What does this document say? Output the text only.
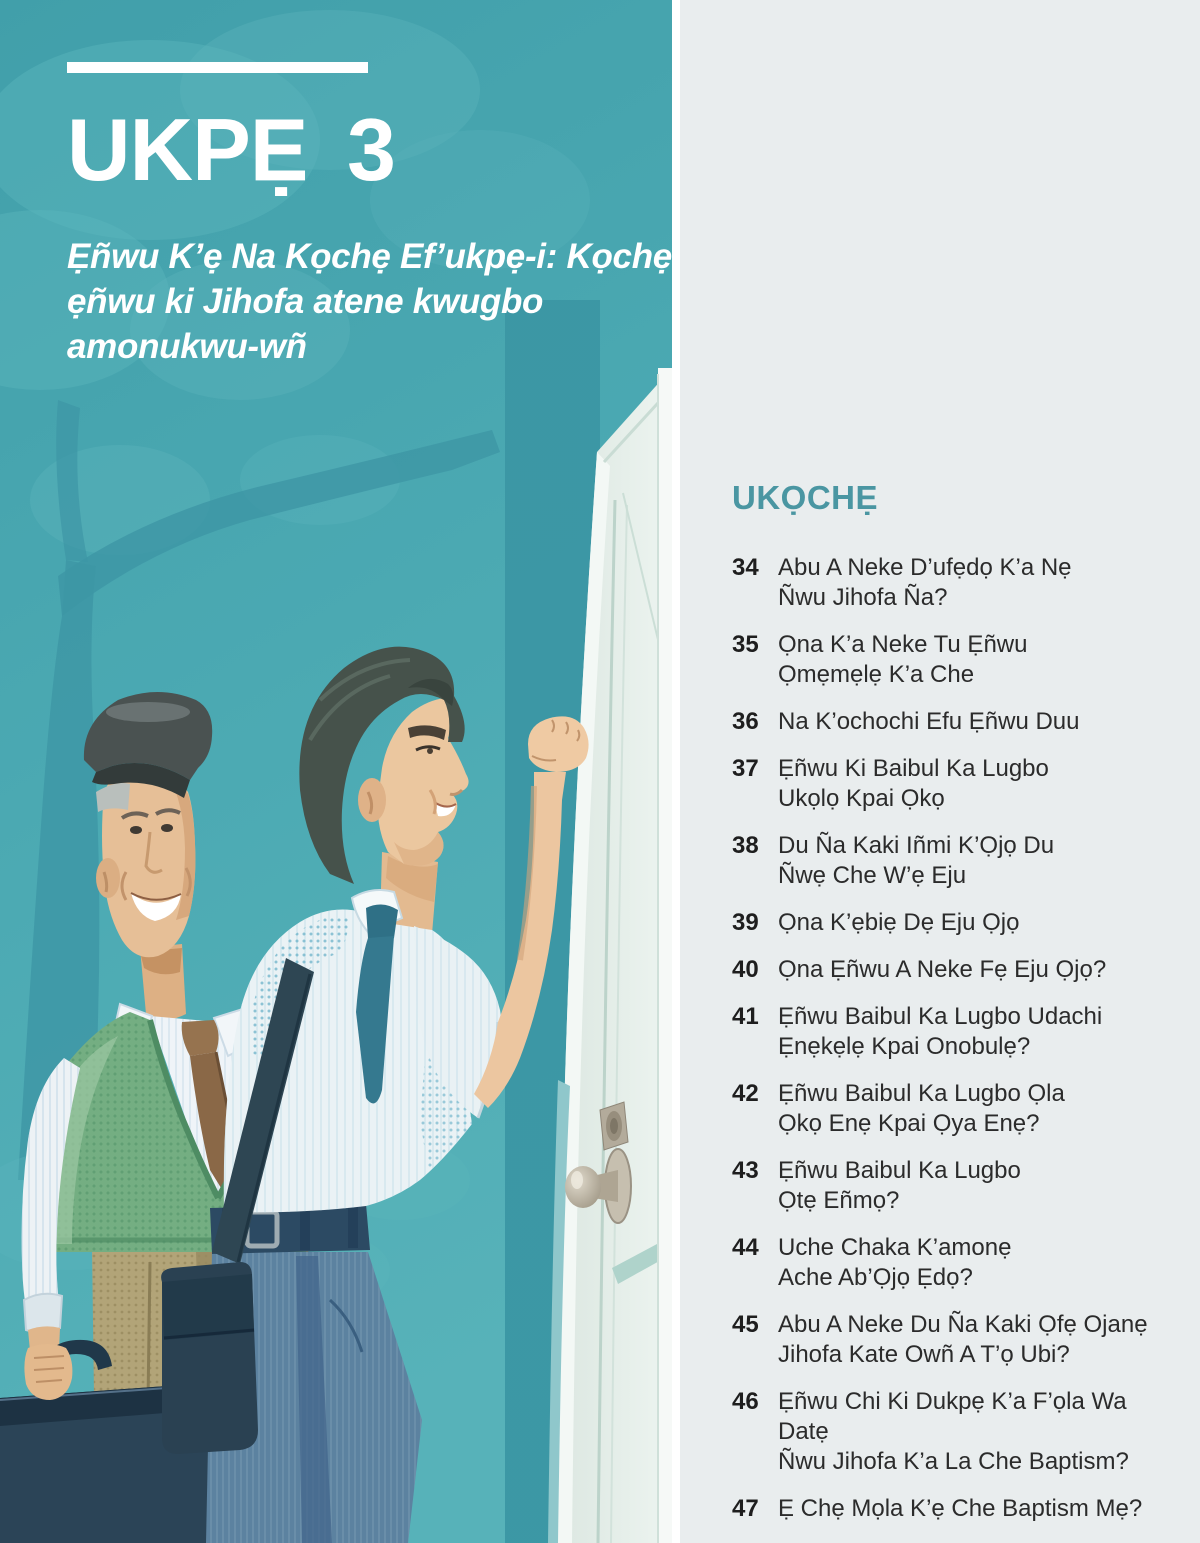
UKPẸ 3
Ẹñwu K’ẹ Na Kọchẹ Ef’ukpẹ-i: Kọchẹ
ẹñwu ki Jihofa atene kwugbo
amonukwu-wñ
UKỌCHẸ
34 Abu A Neke D’ufẹdọ K’a Nẹ
Ñwu Jihofa Ña?
35 Ọna K’a Neke Tu Ẹñwu
Ọmẹmẹlẹ K’a Che
36 Na K’ochochi Efu Ẹñwu Duu
37 Ẹñwu Ki Baibul Ka Lugbo
Ukọlọ Kpai Ọkọ
38 Du Ña Kaki Iñmi K’Ọjọ Du
Ñwẹ Che W’ẹ Eju
39 Ọna K’ẹbiẹ Dẹ Eju Ọjọ
40 Ọna Ẹñwu A Neke Fẹ Eju Ọjọ?
41 Ẹñwu Baibul Ka Lugbo Udachi
Ẹnẹkẹlẹ Kpai Onobulẹ?
42 Ẹñwu Baibul Ka Lugbo Ọla
Ọkọ Enẹ Kpai Ọya Enẹ?
43 Ẹñwu Baibul Ka Lugbo
Ọtẹ Eñmọ?
44 Uche Chaka K’amonẹ
Ache Ab’Ọjọ Ẹdọ?
45 Abu A Neke Du Ña Kaki Ọfẹ Ojanẹ
Jihofa Kate Owñ A T’ọ Ubi?
46 Ẹñwu Chi Ki Dukpẹ K’a F’ọla Wa Datẹ
Ñwu Jihofa K’a La Che Baptism?
47 Ẹ Chẹ Mọla K’ẹ Che Baptism Mẹ?
